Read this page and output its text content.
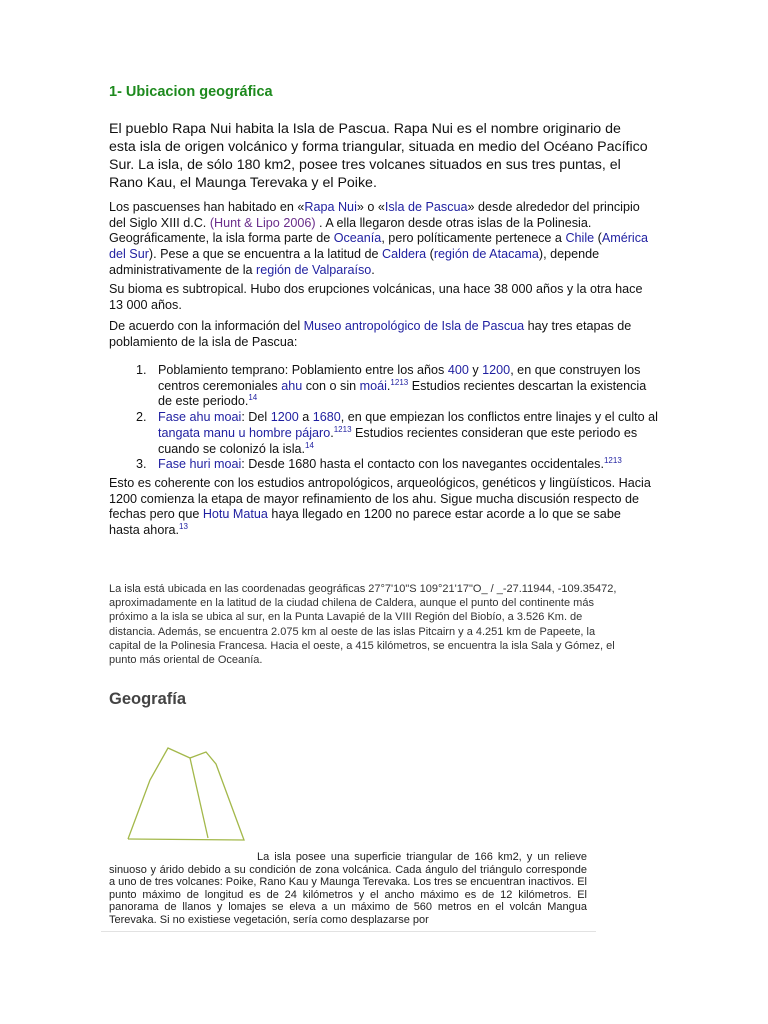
1- Ubicacion geográfica

El pueblo Rapa Nui habita la Isla de Pascua. Rapa Nui es el nombre originario de esta isla de origen volcánico y forma triangular, situada en medio del Océano Pacífico Sur. La isla, de sólo 180 km2, posee tres volcanes situados en sus tres puntas, el Rano Kau, el Maunga Terevaka y el Poike.

Los pascuenses han habitado en «Rapa Nui» o «Isla de Pascua» desde alrededor del principio del Siglo XIII d.C. (Hunt & Lipo 2006) . A ella llegaron desde otras islas de la Polinesia. Geográficamente, la isla forma parte de Oceanía, pero políticamente pertenece a Chile (América del Sur). Pese a que se encuentra a la latitud de Caldera (región de Atacama), depende administrativamente de la región de Valparaíso.

Su bioma es subtropical. Hubo dos erupciones volcánicas, una hace 38 000 años y la otra hace 13 000 años.

De acuerdo con la información del Museo antropológico de Isla de Pascua hay tres etapas de poblamiento de la isla de Pascua:

1. Poblamiento temprano: Poblamiento entre los años 400 y 1200, en que construyen los centros ceremoniales ahu con o sin moái.$^{1213}$ Estudios recientes descartan la existencia de este periodo.$^{14}$
2. Fase ahu moai: Del 1200 a 1680, en que empiezan los conflictos entre linajes y el culto al tangata manu u hombre pájaro.$^{1213}$ Estudios recientes consideran que este periodo es cuando se colonizó la isla.$^{14}$
3. Fase huri moai: Desde 1680 hasta el contacto con los navegantes occidentales.$^{1213}$

Esto es coherente con los estudios antropológicos, arqueológicos, genéticos y lingüísticos. Hacia 1200 comienza la etapa de mayor refinamiento de los ahu. Sigue mucha discusión respecto de fechas pero que Hotu Matua haya llegado en 1200 no parece estar acorde a lo que se sabe hasta ahora.$^{13}$

La isla está ubicada en las coordenadas geográficas 27°7'10"S 109°21'17"O_ / _-27.11944, -109.35472, aproximadamente en la latitud de la ciudad chilena de Caldera, aunque el punto del continente más próximo a la isla se ubica al sur, en la Punta Lavapié de la VIII Región del Biobío, a 3.526 Km. de distancia. Además, se encuentra 2.075 km al oeste de las islas Pitcairn y a 4.251 km de Papeete, la capital de la Polinesia Francesa. Hacia el oeste, a 415 kilómetros, se encuentra la isla Sala y Gómez, el punto más oriental de Oceanía.

Geografía

La isla posee una superficie triangular de 166 km2, y un relieve sinuoso y árido debido a su condición de zona volcánica. Cada ángulo del triángulo corresponde a uno de tres volcanes: Poike, Rano Kau y Maunga Terevaka. Los tres se encuentran inactivos. El punto máximo de longitud es de 24 kilómetros y el ancho máximo es de 12 kilómetros. El panorama de llanos y lomajes se eleva a un máximo de 560 metros en el volcán Mangua Terevaka. Si no existiese vegetación, sería como desplazarse por
